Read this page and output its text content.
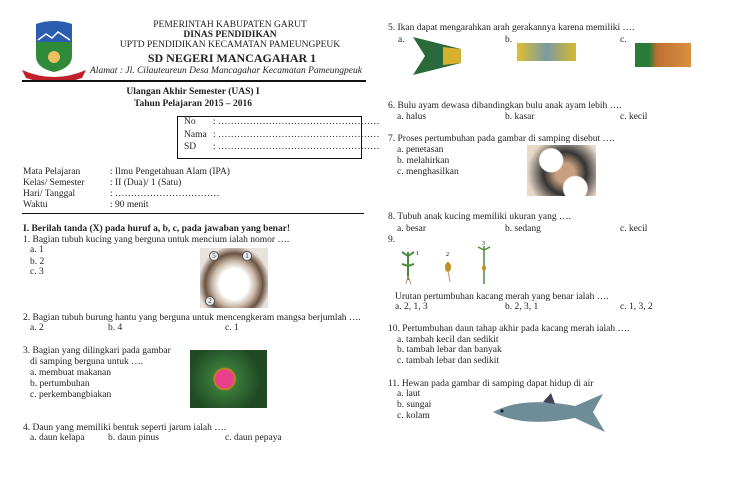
PEMERINTAH KABUPATEN GARUT
DINAS PENDIDIKAN
UPTD PENDIDIKAN KECAMATAN PAMEUNGPEUK
SD NEGERI MANCAGAHAR 1
Alamat : Jl. Cilauteureun Desa Mancagahar Kecamatan Pameungpeuk
Ulangan Akhir Semester (UAS) I
Tahun Pelajaran 2015 – 2016
I. Berilah tanda (X) pada huruf a, b, c, pada jawaban yang benar!
5	1
2
1	2
3
No : ……………………………………………
Nama : ……………………………………………
SD : ……………………………………………
Mata Pelajaran	: Ilmu Pengetahuan Alam (IPA)
Kelas/ Semester	: II (Dua)/ 1 (Satu)
Hari/ Tanggal	: ……………………………
Waktu	: 90 menit
1. Bagian tubuh kucing yang berguna untuk mencium ialah nomor ….
a. 1
b. 2
c. 3
2. Bagian tubuh burung hantu yang berguna untuk mencengkeram mangsa berjumlah ….
a. 2	b. 4	c. 1
4. Daun yang memiliki bentuk seperti jarum ialah ….
a. daun kelapa b. daun pinus	c. daun pepaya
5. Ikan dapat mengarahkan arah gerakannya karena memiliki ….
a.	b.	c.
6. Bulu ayam dewasa dibandingkan bulu anak ayam lebih ….
a. halus	b. kasar	c. kecil
7. Proses pertumbuhan pada gambar di samping disebut ….
a. penetasan
b. melahirkan
c. menghasilkan
8. Tubuh anak kucing memiliki ukuran yang ….
a. besar	b. sedang	c. kecil
9.
a. 2, 1, 3	b. 2, 3, 1	c. 1, 3, 2
10. Pertumbuhan daun tahap akhir pada kacang merah ialah ….
a. tambah kecil dan sedikit
b. tambah lebar dan banyak
c. tambah lebar dan sedikit
11. Hewan pada gambar di samping dapat hidup di air
a. laut
b. sungai
c. kolam
3. Bagian yang dilingkari pada gambar
di samping berguna untuk ….
a. membuat makanan
b. pertumbuhan
c. perkembangbiakan
Urutan pertumbuhan kacang merah yang benar ialah ….
